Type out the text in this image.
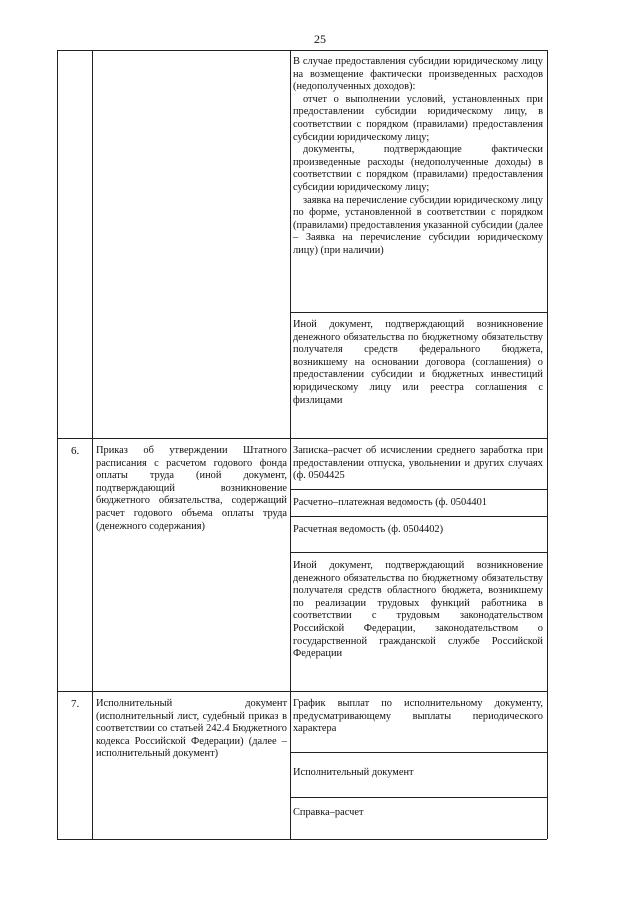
25

В случае предоставления субсидии юридическому лицу на возмещение фактически произведенных расходов (недополученных доходов):

отчет о выполнении условий, установленных при предоставлении субсидии юридическому лицу, в соответствии с порядком (правилами) предоставления субсидии юридическому лицу;

документы, подтверждающие фактически произведенные расходы (недополученные доходы) в соответствии с порядком (правилами) предоставления субсидии юридическому лицу;

заявка на перечисление субсидии юридическому лицу по форме, установленной в соответствии с порядком (правилами) предоставления указанной субсидии (далее – Заявка на перечисление субсидии юридическому лицу) (при наличии)

Иной документ, подтверждающий возникновение денежного обязательства по бюджетному обязательству получателя средств федерального бюджета, возникшему на основании договора (соглашения) о предоставлении субсидии и бюджетных инвестиций юридическому лицу или реестра соглашения с физлицами

6. Приказ об утверждении Штатного расписания с расчетом годового фонда оплаты труда (иной документ, подтверждающий возникновение бюджетного обязательства, содержащий расчет годового объема оплаты труда (денежного содержания)

Записка–расчет об исчислении среднего заработка при предоставлении отпуска, увольнении и других случаях (ф. 0504425

Расчетно–платежная ведомость (ф. 0504401

Расчетная ведомость (ф. 0504402)

Иной документ, подтверждающий возникновение денежного обязательства по бюджетному обязательству получателя средств областного бюджета, возникшему по реализации трудовых функций работника в соответствии с трудовым законодательством Российской Федерации, законодательством о государственной гражданской службе Российской Федерации

7. Исполнительный документ (исполнительный лист, судебный приказ в соответствии со статьей 242.4 Бюджетного кодекса Российской Федерации) (далее – исполнительный документ)

График выплат по исполнительному документу, предусматривающему выплаты периодического характера

Исполнительный документ

Справка–расчет
